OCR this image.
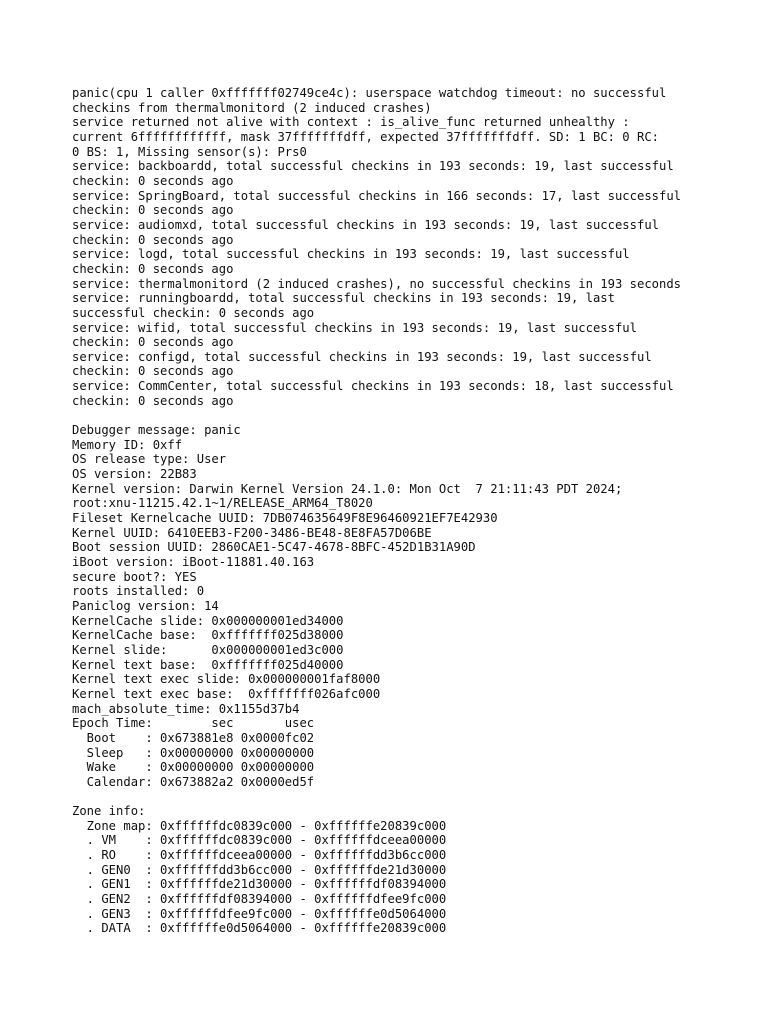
panic(cpu 1 caller 0xfffffff02749ce4c): userspace watchdog timeout: no successful
checkins from thermalmonitord (2 induced crashes)
service returned not alive with context : is_alive_func returned unhealthy :
current 6ffffffffffff, mask 37fffffffdff, expected 37fffffffdff. SD: 1 BC: 0 RC:
0 BS: 1, Missing sensor(s): Prs0
service: backboardd, total successful checkins in 193 seconds: 19, last successful
checkin: 0 seconds ago
service: SpringBoard, total successful checkins in 166 seconds: 17, last successful
checkin: 0 seconds ago
service: audiomxd, total successful checkins in 193 seconds: 19, last successful
checkin: 0 seconds ago
service: logd, total successful checkins in 193 seconds: 19, last successful
checkin: 0 seconds ago
service: thermalmonitord (2 induced crashes), no successful checkins in 193 seconds
service: runningboardd, total successful checkins in 193 seconds: 19, last
successful checkin: 0 seconds ago
service: wifid, total successful checkins in 193 seconds: 19, last successful
checkin: 0 seconds ago
service: configd, total successful checkins in 193 seconds: 19, last successful
checkin: 0 seconds ago
service: CommCenter, total successful checkins in 193 seconds: 18, last successful
checkin: 0 seconds ago

Debugger message: panic
Memory ID: 0xff
OS release type: User
OS version: 22B83
Kernel version: Darwin Kernel Version 24.1.0: Mon Oct  7 21:11:43 PDT 2024;
root:xnu-11215.42.1~1/RELEASE_ARM64_T8020
Fileset Kernelcache UUID: 7DB074635649F8E96460921EF7E42930
Kernel UUID: 6410EEB3-F200-3486-BE48-8E8FA57D06BE
Boot session UUID: 2860CAE1-5C47-4678-8BFC-452D1B31A90D
iBoot version: iBoot-11881.40.163
secure boot?: YES
roots installed: 0
Paniclog version: 14
KernelCache slide: 0x000000001ed34000
KernelCache base:  0xfffffff025d38000
Kernel slide:      0x000000001ed3c000
Kernel text base:  0xfffffff025d40000
Kernel text exec slide: 0x000000001faf8000
Kernel text exec base:  0xfffffff026afc000
mach_absolute_time: 0x1155d37b4
Epoch Time:        sec       usec
Boot    : 0x673881e8 0x0000fc02
Sleep   : 0x00000000 0x00000000
Wake    : 0x00000000 0x00000000
Calendar: 0x673882a2 0x0000ed5f

Zone info:
Zone map: 0xffffffdc0839c000 - 0xffffffe20839c000
. VM    : 0xffffffdc0839c000 - 0xffffffdceea00000
. RO    : 0xffffffdceea00000 - 0xffffffdd3b6cc000
. GEN0  : 0xffffffdd3b6cc000 - 0xffffffde21d30000
. GEN1  : 0xffffffde21d30000 - 0xffffffdf08394000
. GEN2  : 0xffffffdf08394000 - 0xffffffdfee9fc000
. GEN3  : 0xffffffdfee9fc000 - 0xffffffe0d5064000
. DATA  : 0xffffffe0d5064000 - 0xffffffe20839c000
